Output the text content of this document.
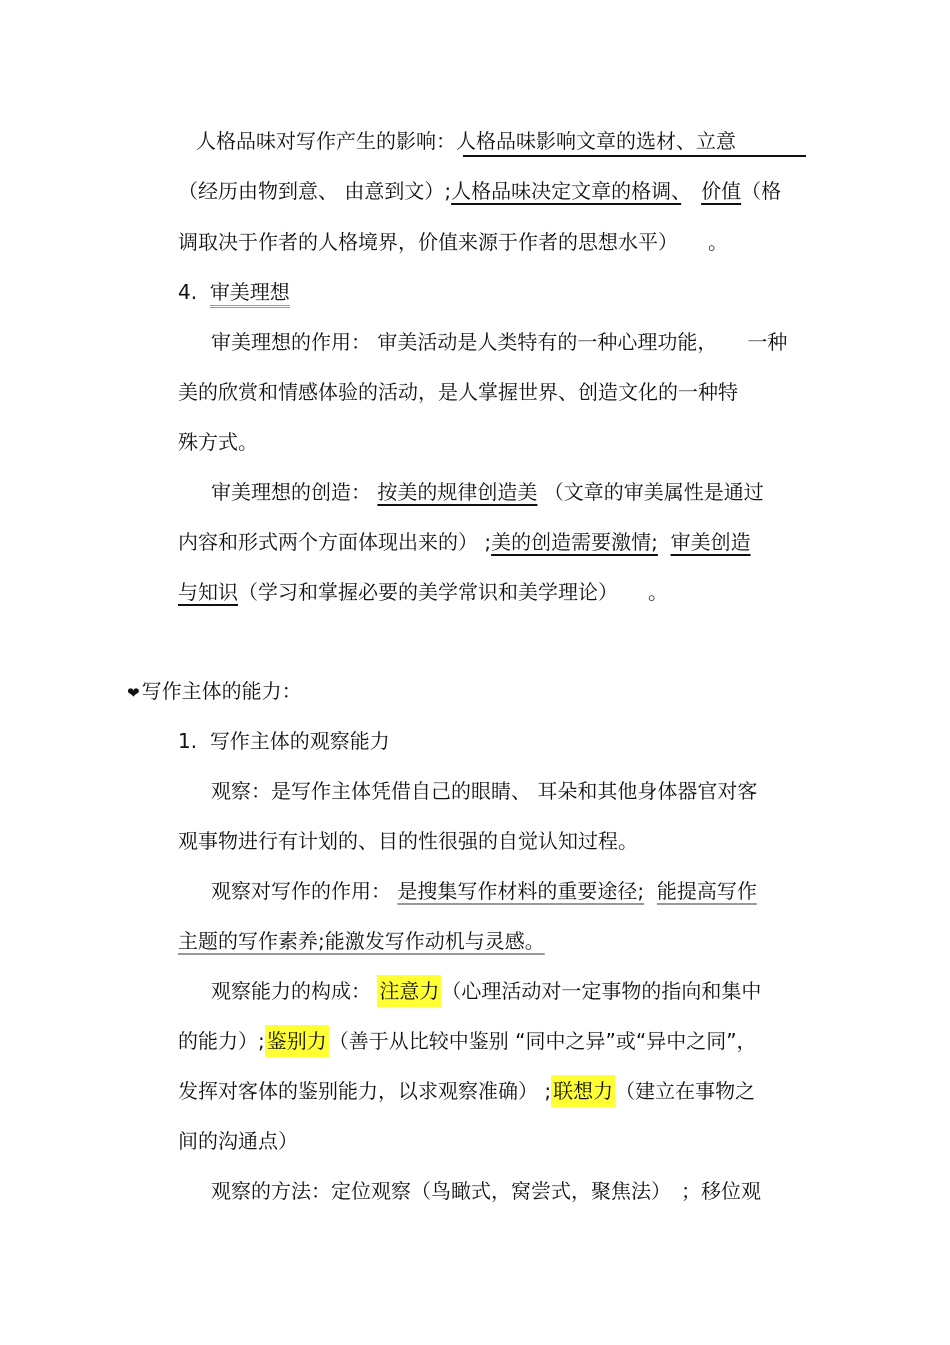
人格品味对写作产生的影响：人格品味影响文章的选材、立意
（经历由物到意、 由意到文）;人格品味决定文章的格调、　 价值（格
调取决于作者的人格境界，价值来源于作者的思想水平）　　。
4. 审美理想
审美理想的作用： 审美活动是人类特有的一种心理功能，　　一种
美的欣赏和情感体验的活动，是人掌握世界、创造文化的一种特
殊方式。
审美理想的创造： 按美的规律创造美 （文章的审美属性是通过
内容和形式两个方面体现出来的） ;美的创造需要激情; 审美创造
与知识（学习和掌握必要的美学常识和美学理论）　　。
❤ 写作主体的能力：
1. 写作主体的观察能力
观察：是写作主体凭借自己的眼睛、 耳朵和其他身体器官对客
观事物进行有计划的、目的性很强的自觉认知过程。
观察对写作的作用： 是搜集写作材料的重要途径; 能提高写作
主题的写作素养;能激发写作动机与灵感。
观察能力的构成： 注意力 （心理活动对一定事物的指向和集中
的能力）; 鉴别力 （善于从比较中鉴别 “同中之异”或“异中之同”，
发挥对客体的鉴别能力，以求观察准确） ; 联想力 （建立在事物之
间的沟通点）
观察的方法：定位观察（鸟瞰式，窝尝式，聚焦法）　；移位观
